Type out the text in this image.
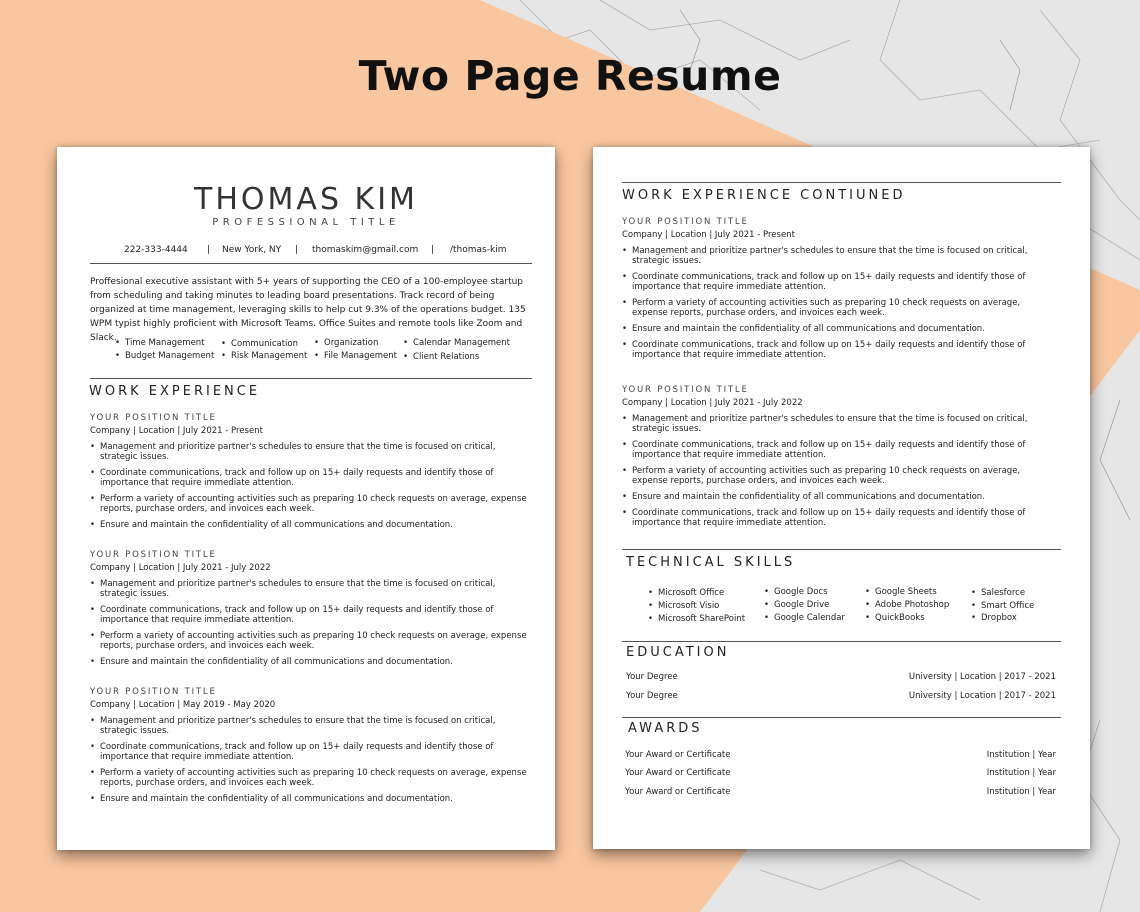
Two Page Resume
THOMAS KIM
PROFESSIONAL TITLE
222-333-4444 | New York, NY | thomaskim@gmail.com | /thomas-kim
Proffesional executive assistant with 5+ years of supporting the CEO of a 100-employee startup from scheduling and taking minutes to leading board presentations. Track record of being organized at time management, leveraging skills to help cut 9.3% of the operations budget. 135 WPM typist highly proficient with Microsoft Teams. Office Suites and remote tools like Zoom and Slack.
• Time Management
• Budget Management
• Communication
• Risk Management
• Organization
• File Management
• Calendar Management
• Client Relations
WORK EXPERIENCE
YOUR POSITION TITLE
Company | Location | July 2021 - Present
• Management and prioritize partner's schedules to ensure that the time is focused on critical, strategic issues.
• Coordinate communications, track and follow up on 15+ daily requests and identify those of importance that require immediate attention.
• Perform a variety of accounting activities such as preparing 10 check requests on average, expense reports, purchase orders, and invoices each week.
• Ensure and maintain the confidentiality of all communications and documentation.
YOUR POSITION TITLE
Company | Location | July 2021 - July 2022
• Management and prioritize partner's schedules to ensure that the time is focused on critical, strategic issues.
• Coordinate communications, track and follow up on 15+ daily requests and identify those of importance that require immediate attention.
• Perform a variety of accounting activities such as preparing 10 check requests on average, expense reports, purchase orders, and invoices each week.
• Ensure and maintain the confidentiality of all communications and documentation.
YOUR POSITION TITLE
Company | Location | May 2019 - May 2020
• Management and prioritize partner's schedules to ensure that the time is focused on critical, strategic issues.
• Coordinate communications, track and follow up on 15+ daily requests and identify those of importance that require immediate attention.
• Perform a variety of accounting activities such as preparing 10 check requests on average, expense reports, purchase orders, and invoices each week.
• Ensure and maintain the confidentiality of all communications and documentation.
WORK EXPERIENCE CONTIUNED
YOUR POSITION TITLE
Company | Location | July 2021 - Present
• Management and prioritize partner's schedules to ensure that the time is focused on critical, strategic issues.
• Coordinate communications, track and follow up on 15+ daily requests and identify those of importance that require immediate attention.
• Perform a variety of accounting activities such as preparing 10 check requests on average, expense reports, purchase orders, and invoices each week.
• Ensure and maintain the confidentiality of all communications and documentation.
• Coordinate communications, track and follow up on 15+ daily requests and identify those of importance that require immediate attention.
YOUR POSITION TITLE
Company | Location | July 2021 - July 2022
• Management and prioritize partner's schedules to ensure that the time is focused on critical, strategic issues.
• Coordinate communications, track and follow up on 15+ daily requests and identify those of importance that require immediate attention.
• Perform a variety of accounting activities such as preparing 10 check requests on average, expense reports, purchase orders, and invoices each week.
• Ensure and maintain the confidentiality of all communications and documentation.
• Coordinate communications, track and follow up on 15+ daily requests and identify those of importance that require immediate attention.
TECHNICAL SKILLS
• Microsoft Office
• Microsoft Visio
• Microsoft SharePoint
• Google Docs
• Google Drive
• Google Calendar
• Google Sheets
• Adobe Photoshop
• QuickBooks
• Salesforce
• Smart Office
• Dropbox
EDUCATION
Your Degree	University | Location | 2017 - 2021
Your Degree	University | Location | 2017 - 2021
AWARDS
Your Award or Certificate	Institution | Year
Your Award or Certificate	Institution | Year
Your Award or Certificate	Institution | Year
